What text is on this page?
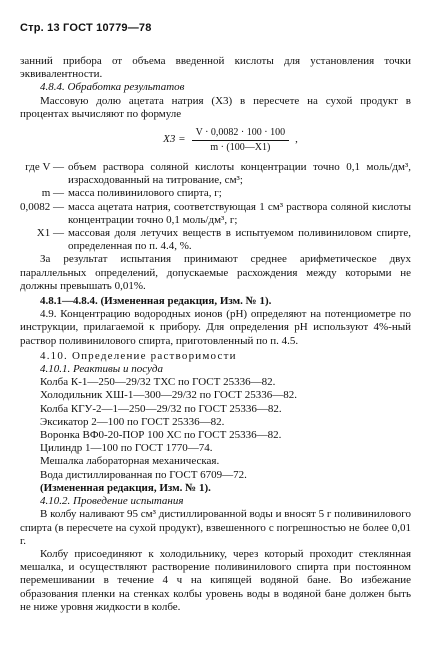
Стр. 13 ГОСТ 10779—78

занний прибора от объема введенной кислоты для установления точки эквивалентности.

4.8.4. Обработка результатов

Массовую долю ацетата натрия (X3) в пересчете на сухой продукт в процентах вычисляют по формуле

$X3 = \frac{V \cdot 0,0082 \cdot 100 \cdot 100}{m \cdot (100—X1)}$ ,
где V — объем раствора соляной кислоты концентрации точно 0,1 моль/дм³, израсходованный на титрование, см³;
m — масса поливинилового спирта, г;
0,0082 — масса ацетата натрия, соответствующая 1 см³ раствора соляной кислоты концентрации точно 0,1 моль/дм³, г;
X1 — массовая доля летучих веществ в испытуемом поливиниловом спирте, определенная по п. 4.4, %.

За результат испытания принимают среднее арифметическое двух параллельных определений, допускаемые расхождения между которыми не должны превышать 0,01%.

4.8.1—4.8.4. (Измененная редакция, Изм. № 1).

4.9. Концентрацию водородных ионов (pH) определяют на потенциометре по инструкции, прилагаемой к прибору. Для определения pH используют 4%-ный раствор поливинилового спирта, приготовленный по п. 4.5.

4.10. Определение растворимости

4.10.1. Реактивы и посуда

Колба К-1—250—29/32 ТХС по ГОСТ 25336—82.

Холодильник ХШ-1—300—29/32 по ГОСТ 25336—82.

Колба КГУ-2—1—250—29/32 по ГОСТ 25336—82.

Эксикатор 2—100 по ГОСТ 25336—82.

Воронка ВФ0-20-ПОР 100 ХС по ГОСТ 25336—82.

Цилиндр 1—100 по ГОСТ 1770—74.

Мешалка лабораторная механическая.

Вода дистиллированная по ГОСТ 6709—72.

(Измененная редакция, Изм. № 1).

4.10.2. Проведение испытания

В колбу наливают 95 см³ дистиллированной воды и вносят 5 г поливинилового спирта (в пересчете на сухой продукт), взвешенного с погрешностью не более 0,01 г.

Колбу присоединяют к холодильнику, через который проходит стеклянная мешалка, и осуществляют растворение поливинилового спирта при постоянном перемешивании в течение 4 ч на кипящей водяной бане. Во избежание образования пленки на стенках колбы уровень воды в водяной бане должен быть не ниже уровня жидкости в колбе.
